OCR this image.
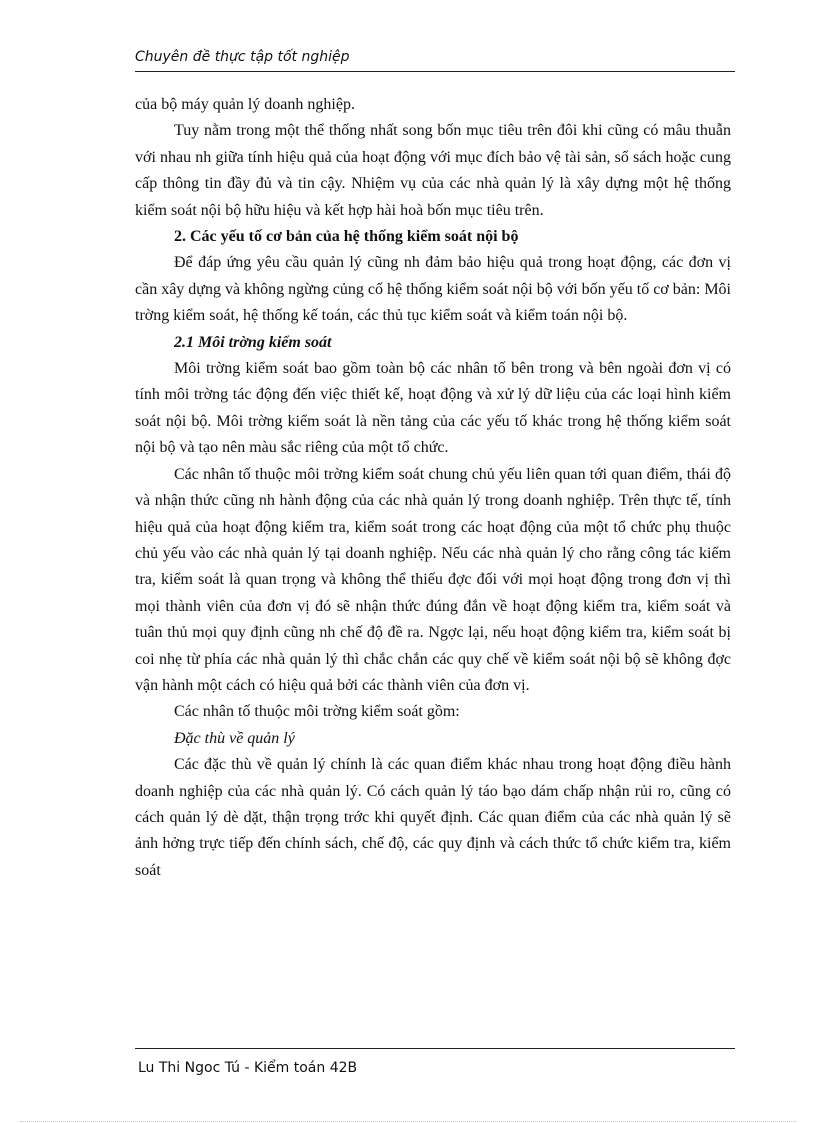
Chuyên đề thực tập tốt nghiệp

của bộ máy quản lý doanh nghiệp.

Tuy nằm trong một thể thống nhất song bốn mục tiêu trên đôi khi cũng có mâu thuẫn với nhau nh giữa tính hiệu quả của hoạt động với mục đích bảo vệ tài sản, sổ sách hoặc cung cấp thông tin đầy đủ và tin cậy. Nhiệm vụ của các nhà quản lý là xây dựng một hệ thống kiểm soát nội bộ hữu hiệu và kết hợp hài hoà bốn mục tiêu trên.

2. Các yếu tố cơ bản của hệ thống kiểm soát nội bộ

Để đáp ứng yêu cầu quản lý cũng nh đảm bảo hiệu quả trong hoạt động, các đơn vị cần xây dựng và không ngừng củng cố hệ thống kiểm soát nội bộ với bốn yếu tố cơ bản: Môi trờng kiểm soát, hệ thống kế toán, các thủ tục kiểm soát và kiểm toán nội bộ.

2.1 Môi trờng kiểm soát

Môi trờng kiểm soát bao gồm toàn bộ các nhân tố bên trong và bên ngoài đơn vị có tính môi trờng tác động đến việc thiết kế, hoạt động và xử lý dữ liệu của các loại hình kiểm soát nội bộ. Môi trờng kiểm soát là nền tảng của các yếu tố khác trong hệ thống kiểm soát nội bộ và tạo nên màu sắc riêng của một tổ chức.

Các nhân tố thuộc môi trờng kiểm soát chung chủ yếu liên quan tới quan điểm, thái độ và nhận thức cũng nh hành động của các nhà quản lý trong doanh nghiệp. Trên thực tế, tính hiệu quả của hoạt động kiểm tra, kiểm soát trong các hoạt động của một tổ chức phụ thuộc chủ yếu vào các nhà quản lý tại doanh nghiệp. Nếu các nhà quản lý cho rằng công tác kiểm tra, kiểm soát là quan trọng và không thể thiếu đợc đối với mọi hoạt động trong đơn vị thì mọi thành viên của đơn vị đó sẽ nhận thức đúng đắn về hoạt động kiểm tra, kiểm soát và tuân thủ mọi quy định cũng nh chế độ đề ra. Ngợc lại, nếu hoạt động kiểm tra, kiểm soát bị coi nhẹ từ phía các nhà quản lý thì chắc chắn các quy chế về kiểm soát nội bộ sẽ không đợc vận hành một cách có hiệu quả bởi các thành viên của đơn vị.

Các nhân tố thuộc môi trờng kiểm soát gồm:

Đặc thù về quản lý

Các đặc thù về quản lý chính là các quan điểm khác nhau trong hoạt động điều hành doanh nghiệp của các nhà quản lý. Có cách quản lý táo bạo dám chấp nhận rủi ro, cũng có cách quản lý dè dặt, thận trọng trớc khi quyết định. Các quan điểm của các nhà quản lý sẽ ảnh hởng trực tiếp đến chính sách, chế độ, các quy định và cách thức tổ chức kiểm tra, kiểm soát

Lu Thi Ngoc Tú - Kiểm toán 42B
